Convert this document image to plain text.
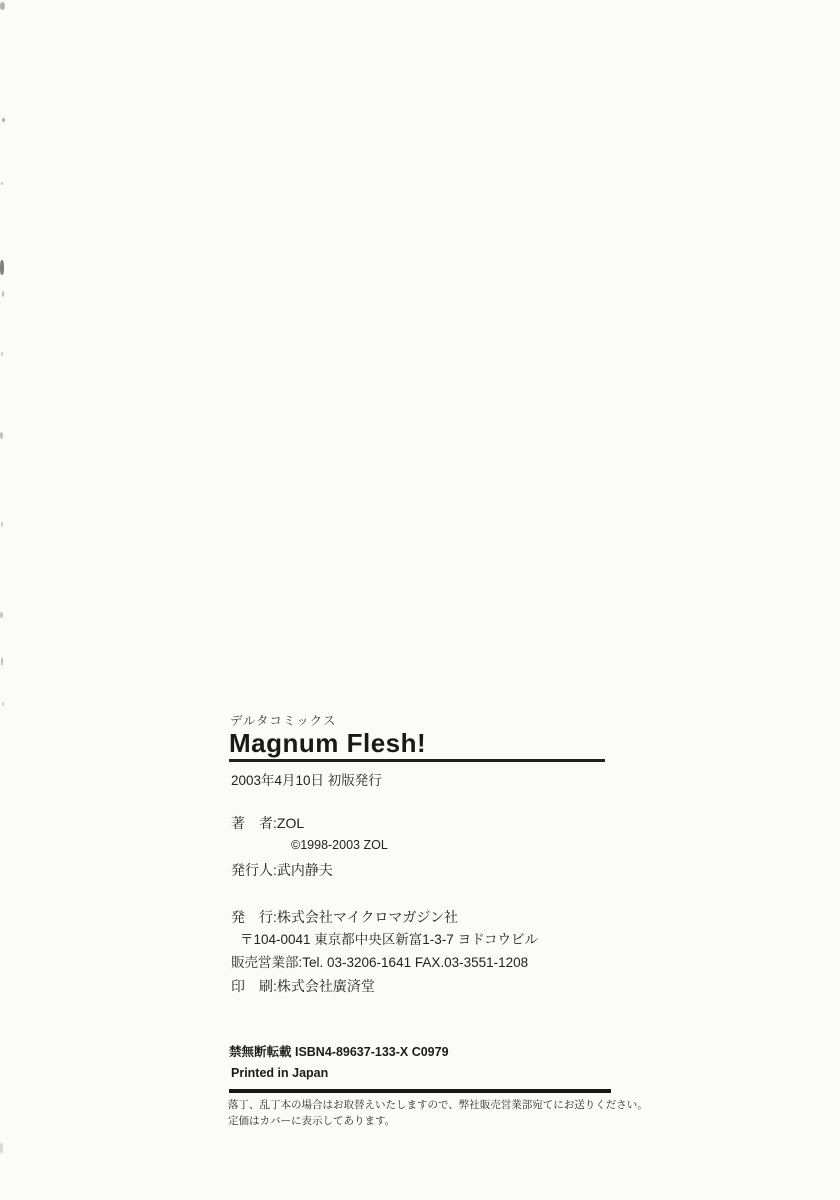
デルタコミックス
Magnum Flesh!
2003年4月10日 初版発行
著　者:ZOL
©1998-2003 ZOL
発行人:武内静夫
発　行:株式会社マイクロマガジン社
〒104-0041 東京都中央区新富1-3-7 ヨドコウビル
販売営業部:Tel. 03-3206-1641 FAX.03-3551-1208
印　刷:株式会社廣済堂
禁無断転載 ISBN4-89637-133-X C0979
Printed in Japan
落丁、乱丁本の場合はお取替えいたしますので、弊社販売営業部宛てにお送りください。
定価はカバーに表示してあります。
